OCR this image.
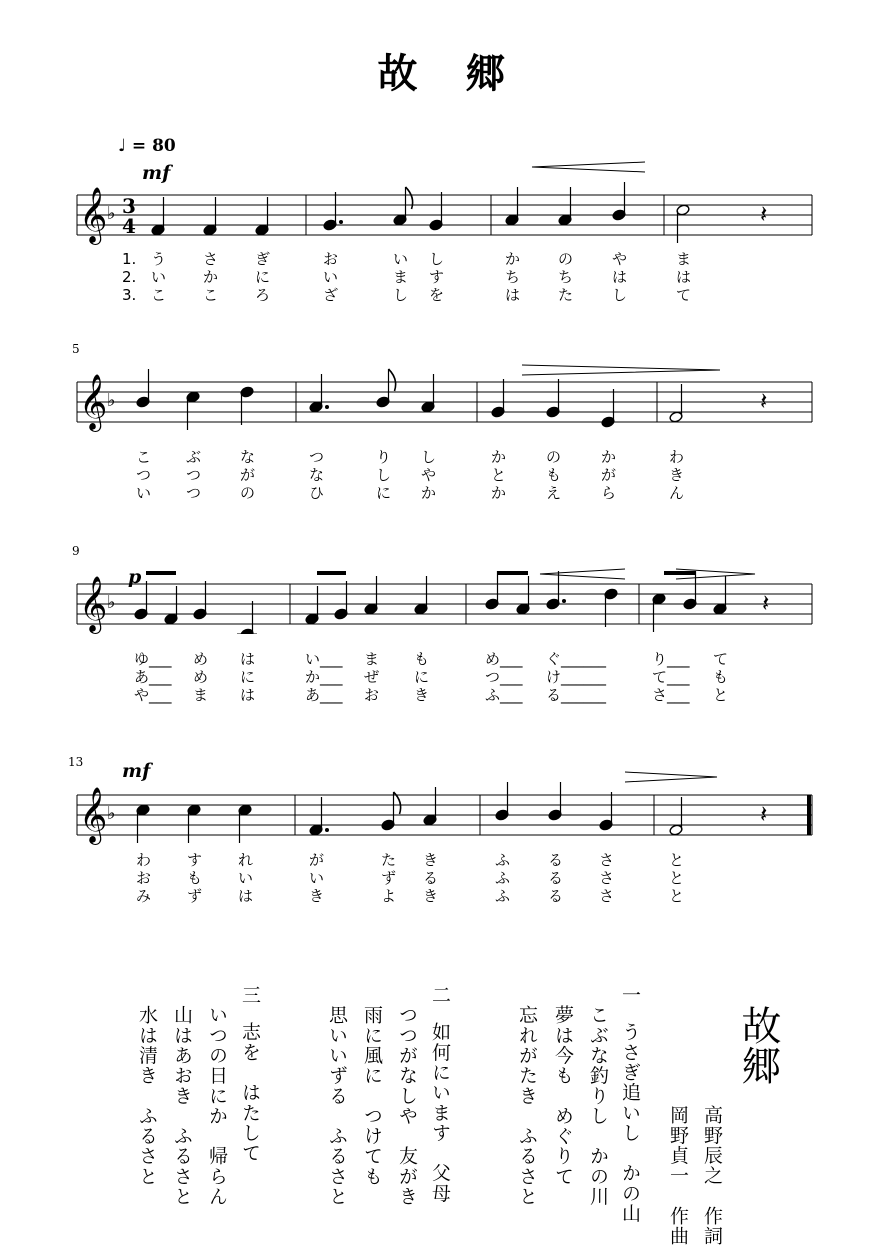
故　郷
♩ = 80
𝄞 ♭ 3
4	𝄽
𝄞 ♭	𝄽
𝄞 ♭	𝄽
𝄞 ♭	𝄽
故郷
高野辰之　作詞
岡野貞一　作曲
一
うさぎ追いし　かの山
こぶな釣りし　かの川
夢は今も　めぐりて
忘れがたき　ふるさと
二
如何にいます　父母
つつがなしや　友がき
雨に風に　つけても
思いいずる　ふるさと
三
志を　はたして
いつの日にか　帰らん
山はあおき　ふるさと
水は清き　ふるさと
mf
1. う さ ぎ	お	い し	か	の	や	ま
2. い か に	い	ま す	ち	ち	は	は
3. こ こ ろ	ざ	し を	は	た	し	て
5
こ ぶ	な	つ	り し	か	の	か	わ
つ つ	が	な	し や	と	も	が	き
い つ	の	ひ	に か	か	え	ら	ん
p
9
ゆ___ め は	い___ ま も	め___ ぐ______	り___ て
あ___ め に	か___ ぜ に	つ___ け______	て___ も
や___ ま は	あ___ お き	ふ___ る______	さ___ と
mf
13
わ す れ	が	た き	ふ	る さ	と
お も い	い	ず る	ふ	る さ	と
み ず は	き	よ き	ふ	る さ	と
